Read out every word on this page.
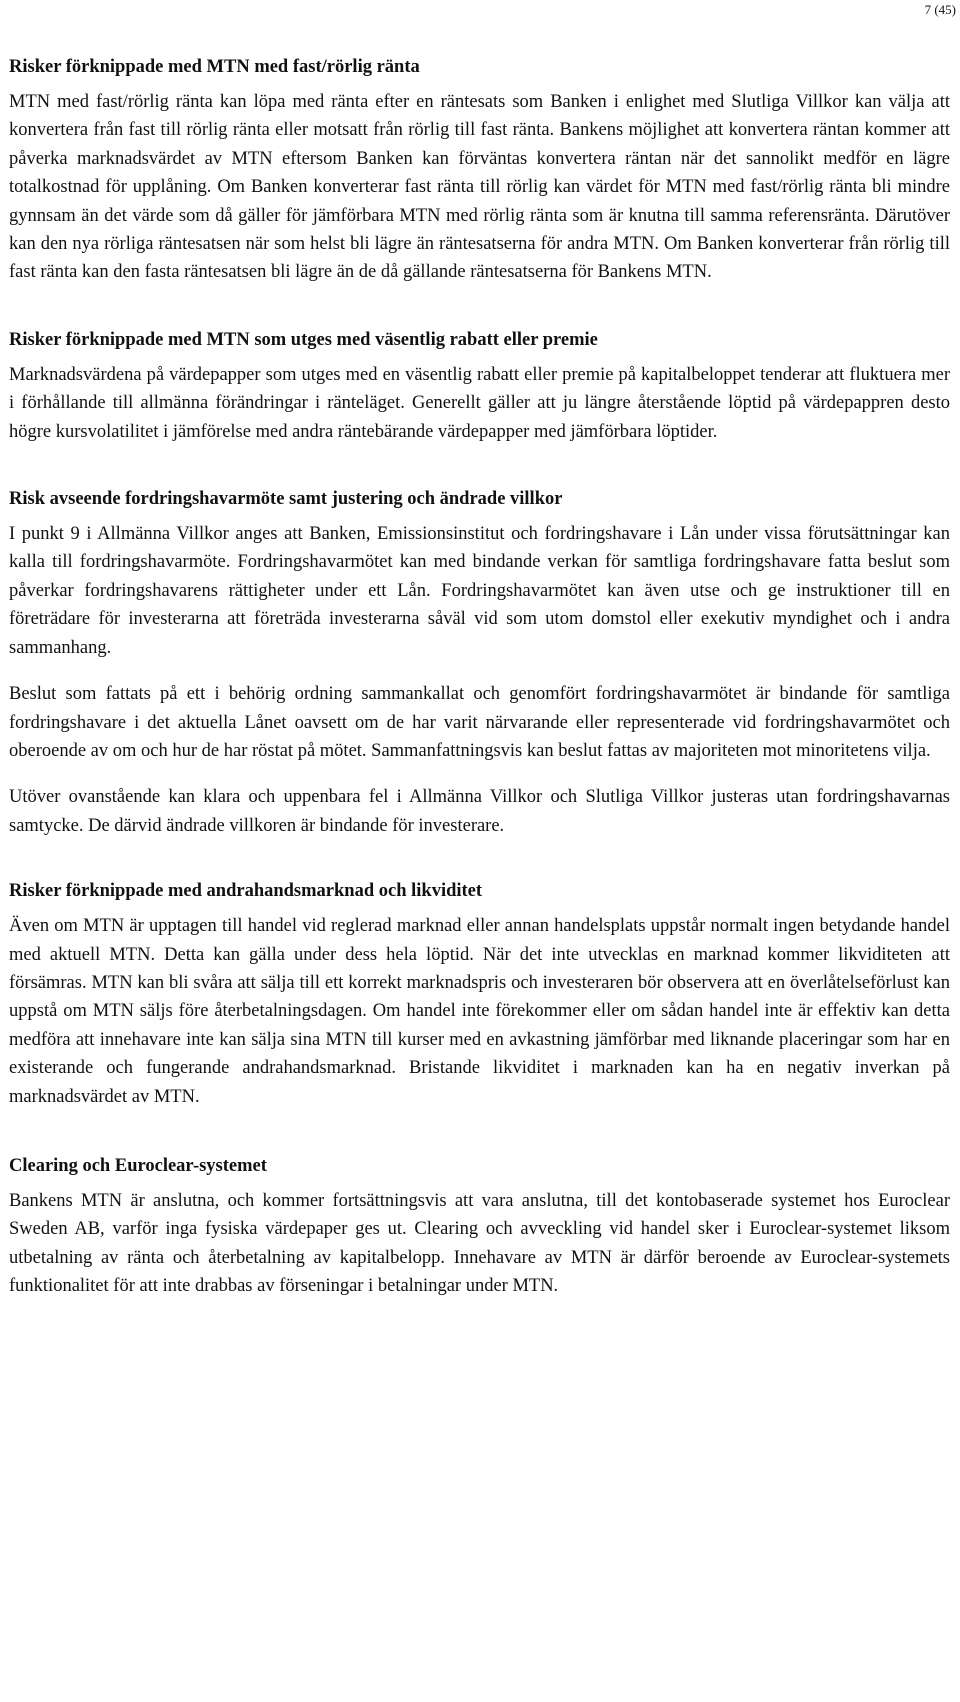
7 (45)
Risker förknippade med MTN med fast/rörlig ränta

MTN med fast/rörlig ränta kan löpa med ränta efter en räntesats som Banken i enlighet med Slutliga Villkor kan välja att konvertera från fast till rörlig ränta eller motsatt från rörlig till fast ränta. Bankens möjlighet att konvertera räntan kommer att påverka marknadsvärdet av MTN eftersom Banken kan förväntas konvertera räntan när det sannolikt medför en lägre totalkostnad för upplåning. Om Banken konverterar fast ränta till rörlig kan värdet för MTN med fast/rörlig ränta bli mindre gynnsam än det värde som då gäller för jämförbara MTN med rörlig ränta som är knutna till samma referensränta. Därutöver kan den nya rörliga räntesatsen när som helst bli lägre än räntesatserna för andra MTN. Om Banken konverterar från rörlig till fast ränta kan den fasta räntesatsen bli lägre än de då gällande räntesatserna för Bankens MTN.

Risker förknippade med MTN som utges med väsentlig rabatt eller premie

Marknadsvärdena på värdepapper som utges med en väsentlig rabatt eller premie på kapitalbeloppet tenderar att fluktuera mer i förhållande till allmänna förändringar i ränteläget. Generellt gäller att ju längre återstående löptid på värdepappren desto högre kursvolatilitet i jämförelse med andra räntebärande värdepapper med jämförbara löptider.

Risk avseende fordringshavarmöte samt justering och ändrade villkor

I punkt 9 i Allmänna Villkor anges att Banken, Emissionsinstitut och fordringshavare i Lån under vissa förutsättningar kan kalla till fordringshavarmöte. Fordringshavarmötet kan med bindande verkan för samtliga fordringshavare fatta beslut som påverkar fordringshavarens rättigheter under ett Lån. Fordringshavarmötet kan även utse och ge instruktioner till en företrädare för investerarna att företräda investerarna såväl vid som utom domstol eller exekutiv myndighet och i andra sammanhang.

Beslut som fattats på ett i behörig ordning sammankallat och genomfört fordringshavarmötet är bindande för samtliga fordringshavare i det aktuella Lånet oavsett om de har varit närvarande eller representerade vid fordringshavarmötet och oberoende av om och hur de har röstat på mötet. Sammanfattningsvis kan beslut fattas av majoriteten mot minoritetens vilja.

Utöver ovanstående kan klara och uppenbara fel i Allmänna Villkor och Slutliga Villkor justeras utan fordringshavarnas samtycke. De därvid ändrade villkoren är bindande för investerare.

Risker förknippade med andrahandsmarknad och likviditet

Även om MTN är upptagen till handel vid reglerad marknad eller annan handelsplats uppstår normalt ingen betydande handel med aktuell MTN. Detta kan gälla under dess hela löptid. När det inte utvecklas en marknad kommer likviditeten att försämras. MTN kan bli svåra att sälja till ett korrekt marknadspris och investeraren bör observera att en överlåtelseförlust kan uppstå om MTN säljs före återbetalningsdagen. Om handel inte förekommer eller om sådan handel inte är effektiv kan detta medföra att innehavare inte kan sälja sina MTN till kurser med en avkastning jämförbar med liknande placeringar som har en existerande och fungerande andrahandsmarknad. Bristande likviditet i marknaden kan ha en negativ inverkan på marknadsvärdet av MTN.

Clearing och Euroclear-systemet

Bankens MTN är anslutna, och kommer fortsättningsvis att vara anslutna, till det kontobaserade systemet hos Euroclear Sweden AB, varför inga fysiska värdepaper ges ut. Clearing och avveckling vid handel sker i Euroclear-systemet liksom utbetalning av ränta och återbetalning av kapitalbelopp. Innehavare av MTN är därför beroende av Euroclear-systemets funktionalitet för att inte drabbas av förseningar i betalningar under MTN.
